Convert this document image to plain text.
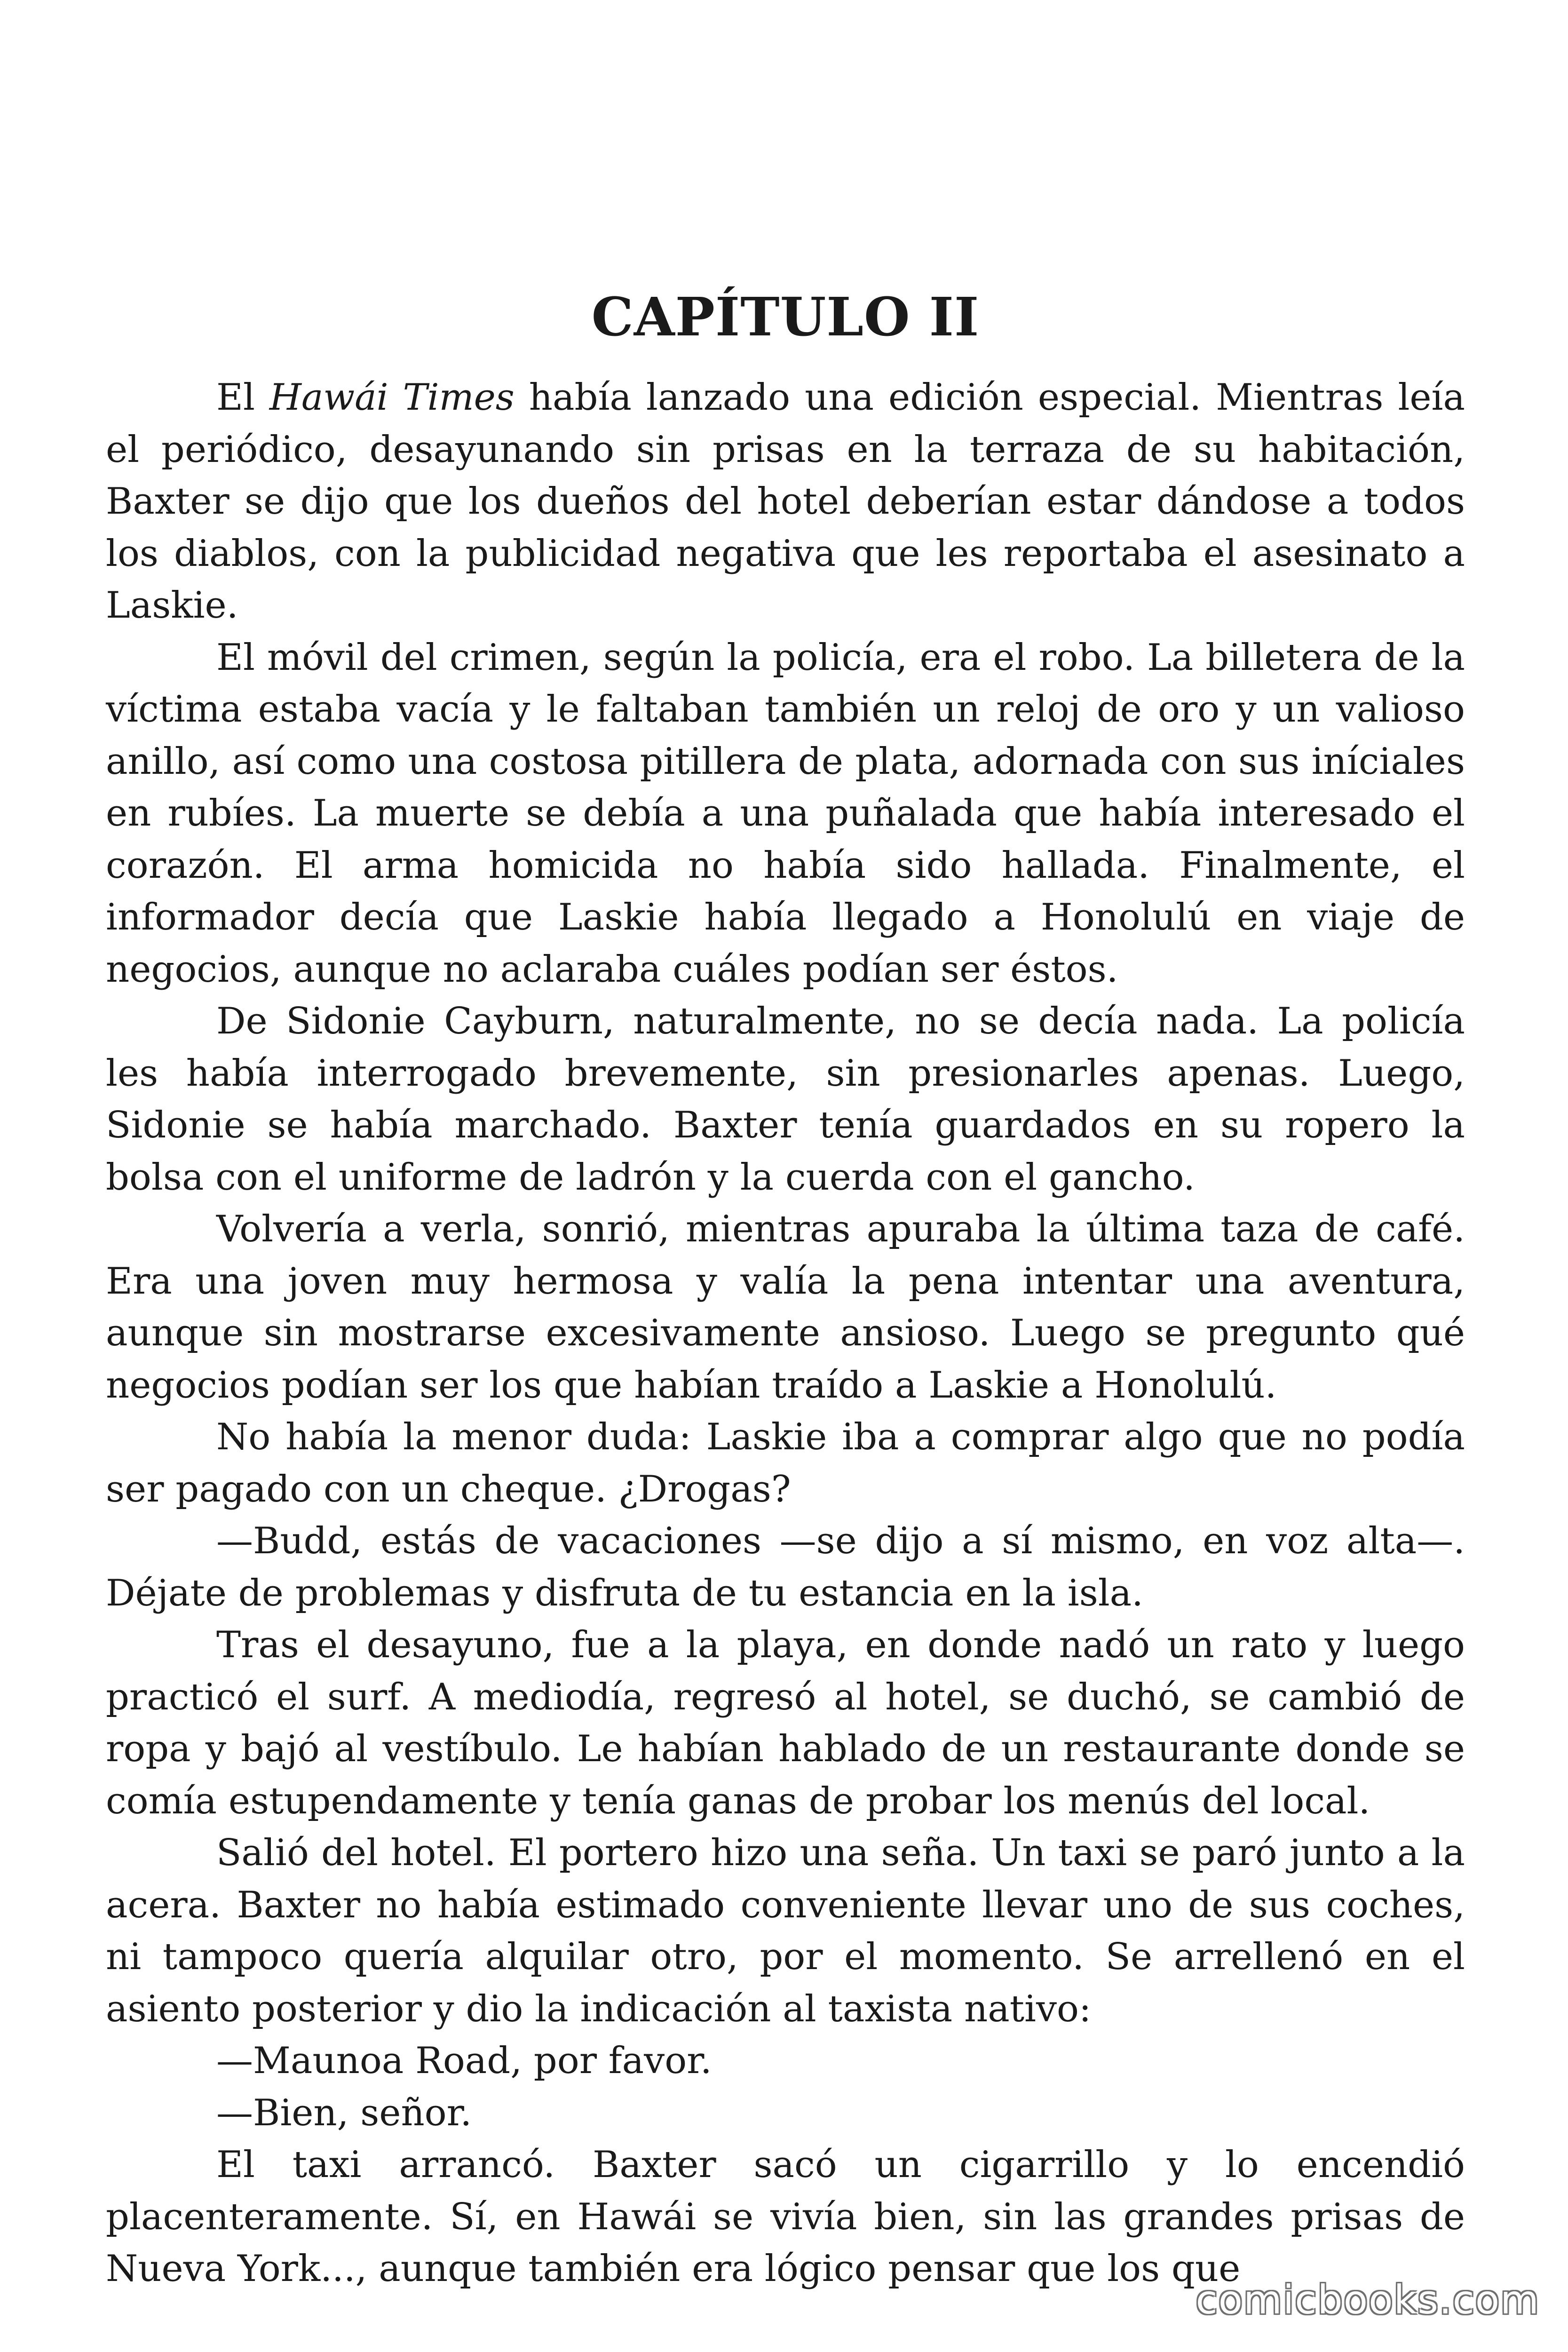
CAPÍTULO II

El Hawái Times había lanzado una edición especial. Mientras leía el periódico, desayunando sin prisas en la terraza de su habitación, Baxter se dijo que los dueños del hotel deberían estar dándose a todos los diablos, con la publicidad negativa que les reportaba el asesinato a Laskie.

El móvil del crimen, según la policía, era el robo. La billetera de la víctima estaba vacía y le faltaban también un reloj de oro y un valioso anillo, así como una costosa pitillera de plata, adornada con sus iníciales en rubíes. La muerte se debía a una puñalada que había interesado el corazón. El arma homicida no había sido hallada. Finalmente, el informador decía que Laskie había llegado a Honolulú en viaje de negocios, aunque no aclaraba cuáles podían ser éstos.

De Sidonie Cayburn, naturalmente, no se decía nada. La policía les había interrogado brevemente, sin presionarles apenas. Luego, Sidonie se había marchado. Baxter tenía guardados en su ropero la bolsa con el uniforme de ladrón y la cuerda con el gancho.

Volvería a verla, sonrió, mientras apuraba la última taza de café. Era una joven muy hermosa y valía la pena intentar una aventura, aunque sin mostrarse excesivamente ansioso. Luego se pregunto qué negocios podían ser los que habían traído a Laskie a Honolulú.

No había la menor duda: Laskie iba a comprar algo que no podía ser pagado con un cheque. ¿Drogas?

—Budd, estás de vacaciones —se dijo a sí mismo, en voz alta—. Déjate de problemas y disfruta de tu estancia en la isla.

Tras el desayuno, fue a la playa, en donde nadó un rato y luego practicó el surf. A mediodía, regresó al hotel, se duchó, se cambió de ropa y bajó al vestíbulo. Le habían hablado de un restaurante donde se comía estupendamente y tenía ganas de probar los menús del local.

Salió del hotel. El portero hizo una seña. Un taxi se paró junto a la acera. Baxter no había estimado conveniente llevar uno de sus coches, ni tampoco quería alquilar otro, por el momento. Se arrellenó en el asiento posterior y dio la indicación al taxista nativo:

—Maunoa Road, por favor.

—Bien, señor.

El taxi arrancó. Baxter sacó un cigarrillo y lo encendió placenteramente. Sí, en Hawái se vivía bien, sin las grandes prisas de Nueva York..., aunque también era lógico pensar que los que

comicbooks.com
